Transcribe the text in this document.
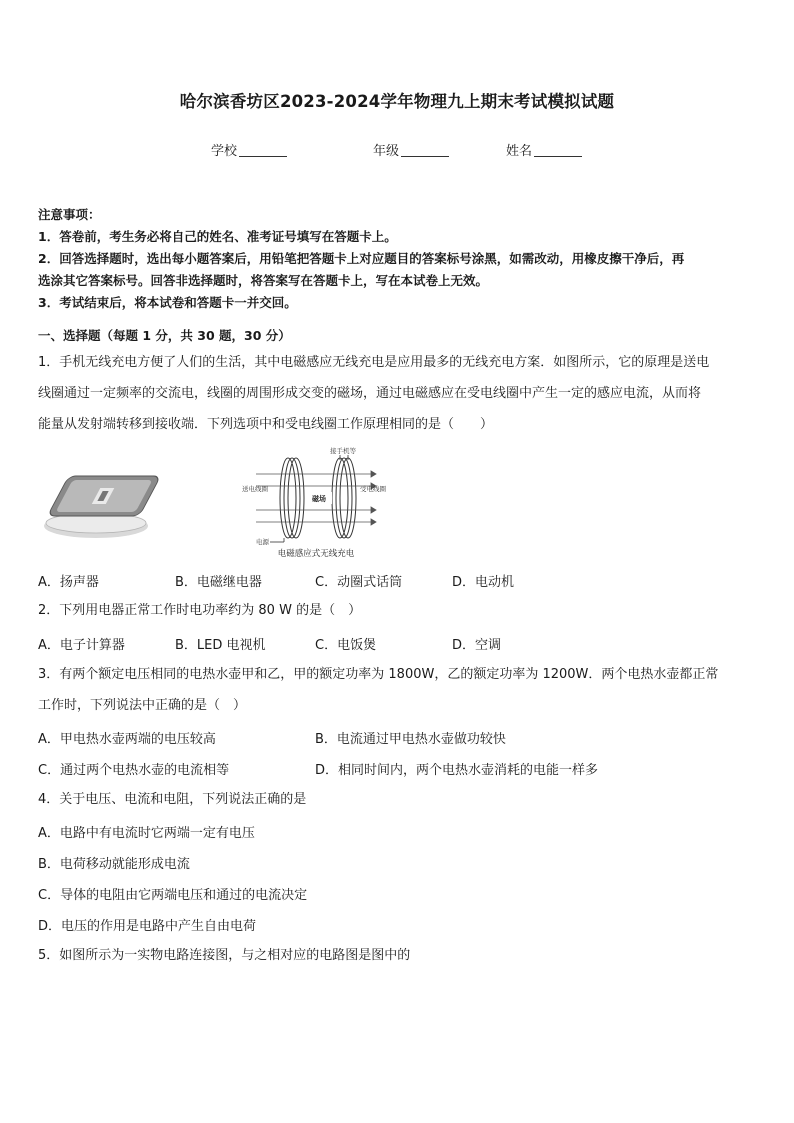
哈尔滨香坊区2023-2024学年物理九上期末考试模拟试题
学校	年级	姓名
注意事项：
1．答卷前，考生务必将自己的姓名、准考证号填写在答题卡上。
2．回答选择题时，选出每小题答案后，用铅笔把答题卡上对应题目的答案标号涂黑，如需改动，用橡皮擦干净后，再
选涂其它答案标号。回答非选择题时，将答案写在答题卡上，写在本试卷上无效。
3．考试结束后，将本试卷和答题卡一并交回。
一、选择题（每题 1 分，共 30 题，30 分）
1．手机无线充电方便了人们的生活，其中电磁感应无线充电是应用最多的无线充电方案．如图所示，它的原理是送电
线圈通过一定频率的交流电，线圈的周围形成交变的磁场，通过电磁感应在受电线圈中产生一定的感应电流，从而将
能量从发射端转移到接收端．下列选项中和受电线圈工作原理相同的是（　　）
磁场
接手机等
送电线圈	受电线圈
电源
电磁感应式无线充电
A．扬声器	B．电磁继电器	C．动圈式话筒	D．电动机
2．下列用电器正常工作时电功率约为 80 W 的是（　）
A．电子计算器	B．LED 电视机	C．电饭煲	D．空调
3．有两个额定电压相同的电热水壶甲和乙，甲的额定功率为 1800W，乙的额定功率为 1200W．两个电热水壶都正常
工作时，下列说法中正确的是（　）
A．甲电热水壶两端的电压较高	B．电流通过甲电热水壶做功较快
C．通过两个电热水壶的电流相等	D．相同时间内，两个电热水壶消耗的电能一样多
4．关于电压、电流和电阻，下列说法正确的是
A．电路中有电流时它两端一定有电压
B．电荷移动就能形成电流
C．导体的电阻由它两端电压和通过的电流决定
D．电压的作用是电路中产生自由电荷
5．如图所示为一实物电路连接图，与之相对应的电路图是图中的
